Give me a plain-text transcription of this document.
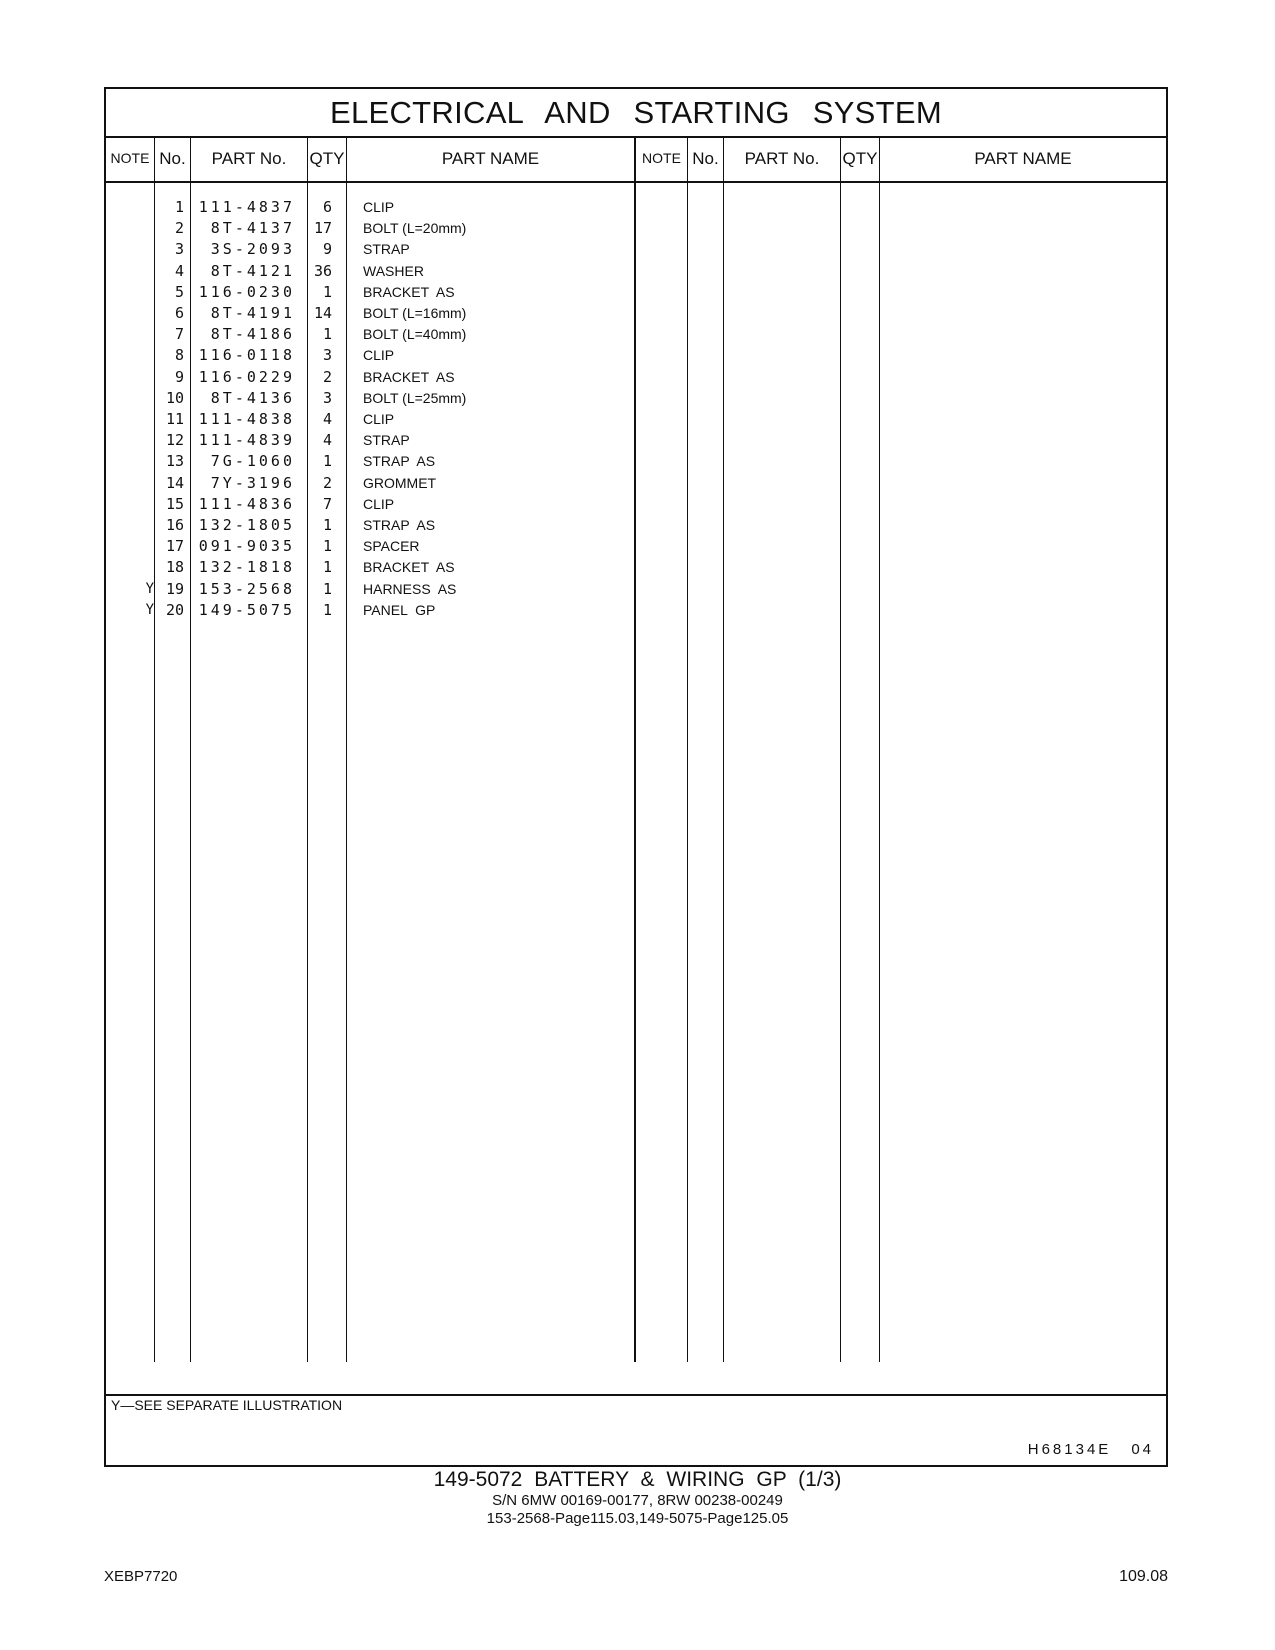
ELECTRICAL AND STARTING SYSTEM
NOTE No.	PART No.	QTY	PART NAME	NOTE No.	PART No.	QTY	PART NAME
1 111-4837	6 CLIP
2	8T-4137 17 BOLT (L=20mm)
3	3S-2093	9 STRAP
4	8T-4121 36 WASHER
5 116-0230	1 BRACKET  AS
6	8T-4191 14 BOLT (L=16mm)
7	8T-4186	1 BOLT (L=40mm)
8 116-0118	3 CLIP
9 116-0229	2 BRACKET  AS
10	8T-4136	3 BOLT (L=25mm)
11 111-4838	4 CLIP
12 111-4839	4 STRAP
13	7G-1060	1 STRAP  AS
14	7Y-3196	2 GROMMET
15 111-4836	7 CLIP
16 132-1805	1 STRAP  AS
17 091-9035	1 SPACER
18 132-1818	1 BRACKET  AS
Y 19 153-2568	1 HARNESS  AS
Y 20 149-5075	1 PANEL  GP
Y—SEE SEPARATE ILLUSTRATION
H68134E 04
149-5072 BATTERY & WIRING GP (1/3)
S/N 6MW 00169-00177, 8RW 00238-00249
153-2568-Page115.03,149-5075-Page125.05
XEBP7720	109.08
